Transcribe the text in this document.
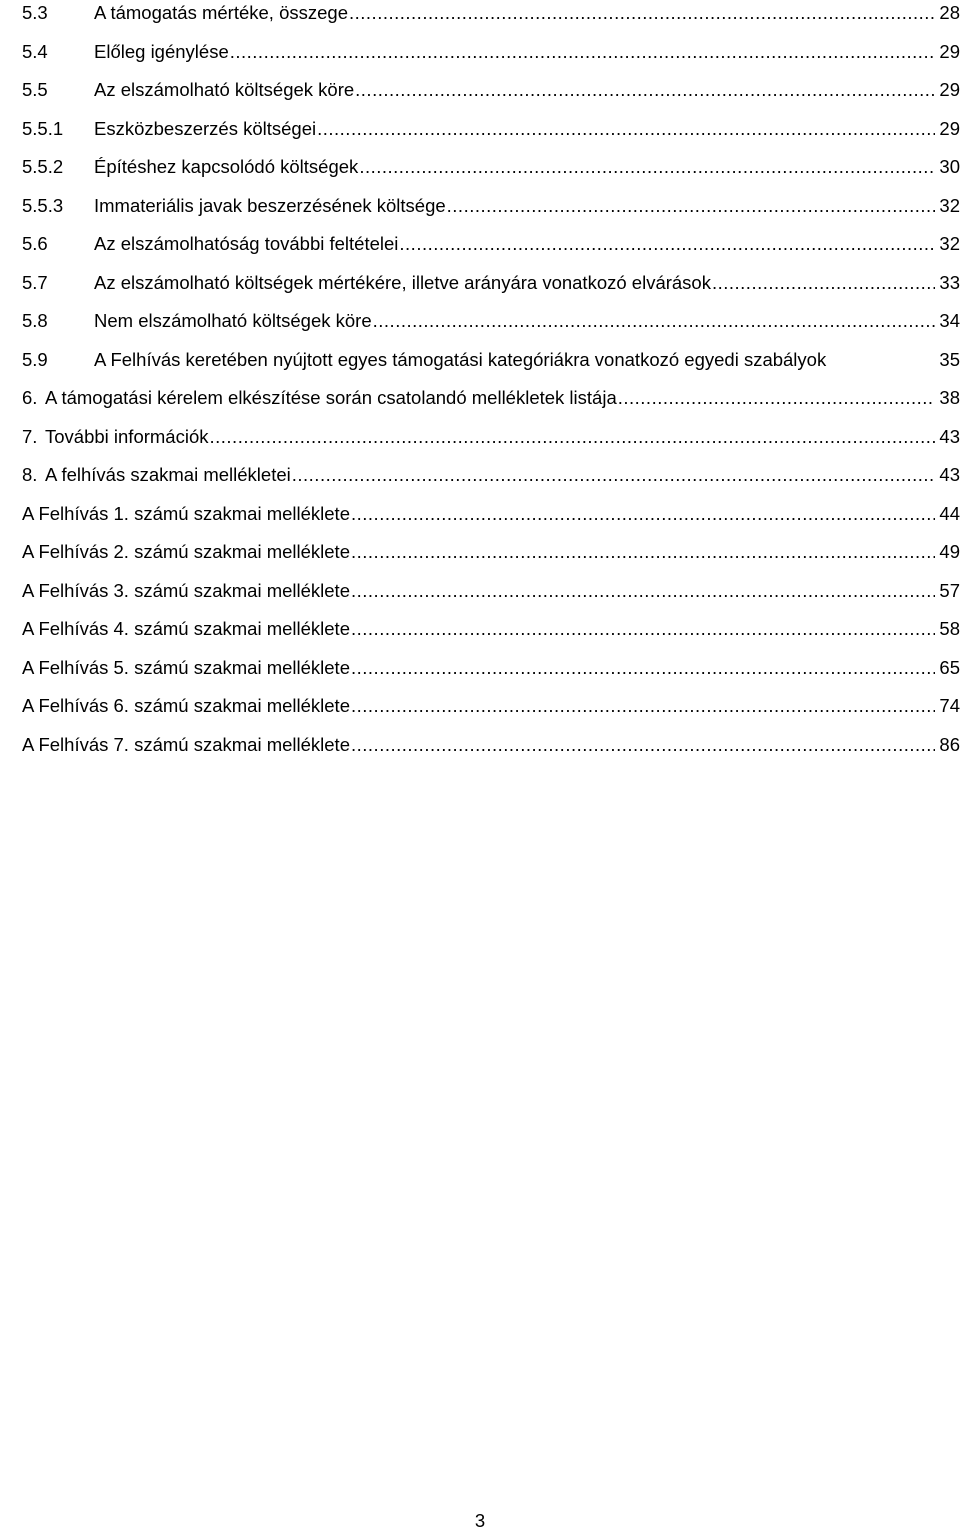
5.3	A támogatás mértéke, összege .....	28
5.4	Előleg igénylése .....	29
5.5	Az elszámolható költségek köre .....	29
5.5.1	Eszközbeszerzés költségei .....	29
5.5.2	Építéshez kapcsolódó költségek .....	30
5.5.3	Immateriális javak beszerzésének költsége .....	32
5.6	Az elszámolhatóság további feltételei .....	32
5.7	Az elszámolható költségek mértékére, illetve arányára vonatkozó elvárások .....	33
5.8	Nem elszámolható költségek köre .....	34
5.9	A Felhívás keretében nyújtott egyes támogatási kategóriákra vonatkozó egyedi szabályok	35
6. A támogatási kérelem elkészítése során csatolandó mellékletek listája .....	38
7. További információk .....	43
8. A felhívás szakmai mellékletei .....	43
A Felhívás 1. számú szakmai melléklete .....	44
A Felhívás 2. számú szakmai melléklete .....	49
A Felhívás 3. számú szakmai melléklete .....	57
A Felhívás 4. számú szakmai melléklete .....	58
A Felhívás 5. számú szakmai melléklete .....	65
A Felhívás 6. számú szakmai melléklete .....	74
A Felhívás 7. számú szakmai melléklete .....	86
3
